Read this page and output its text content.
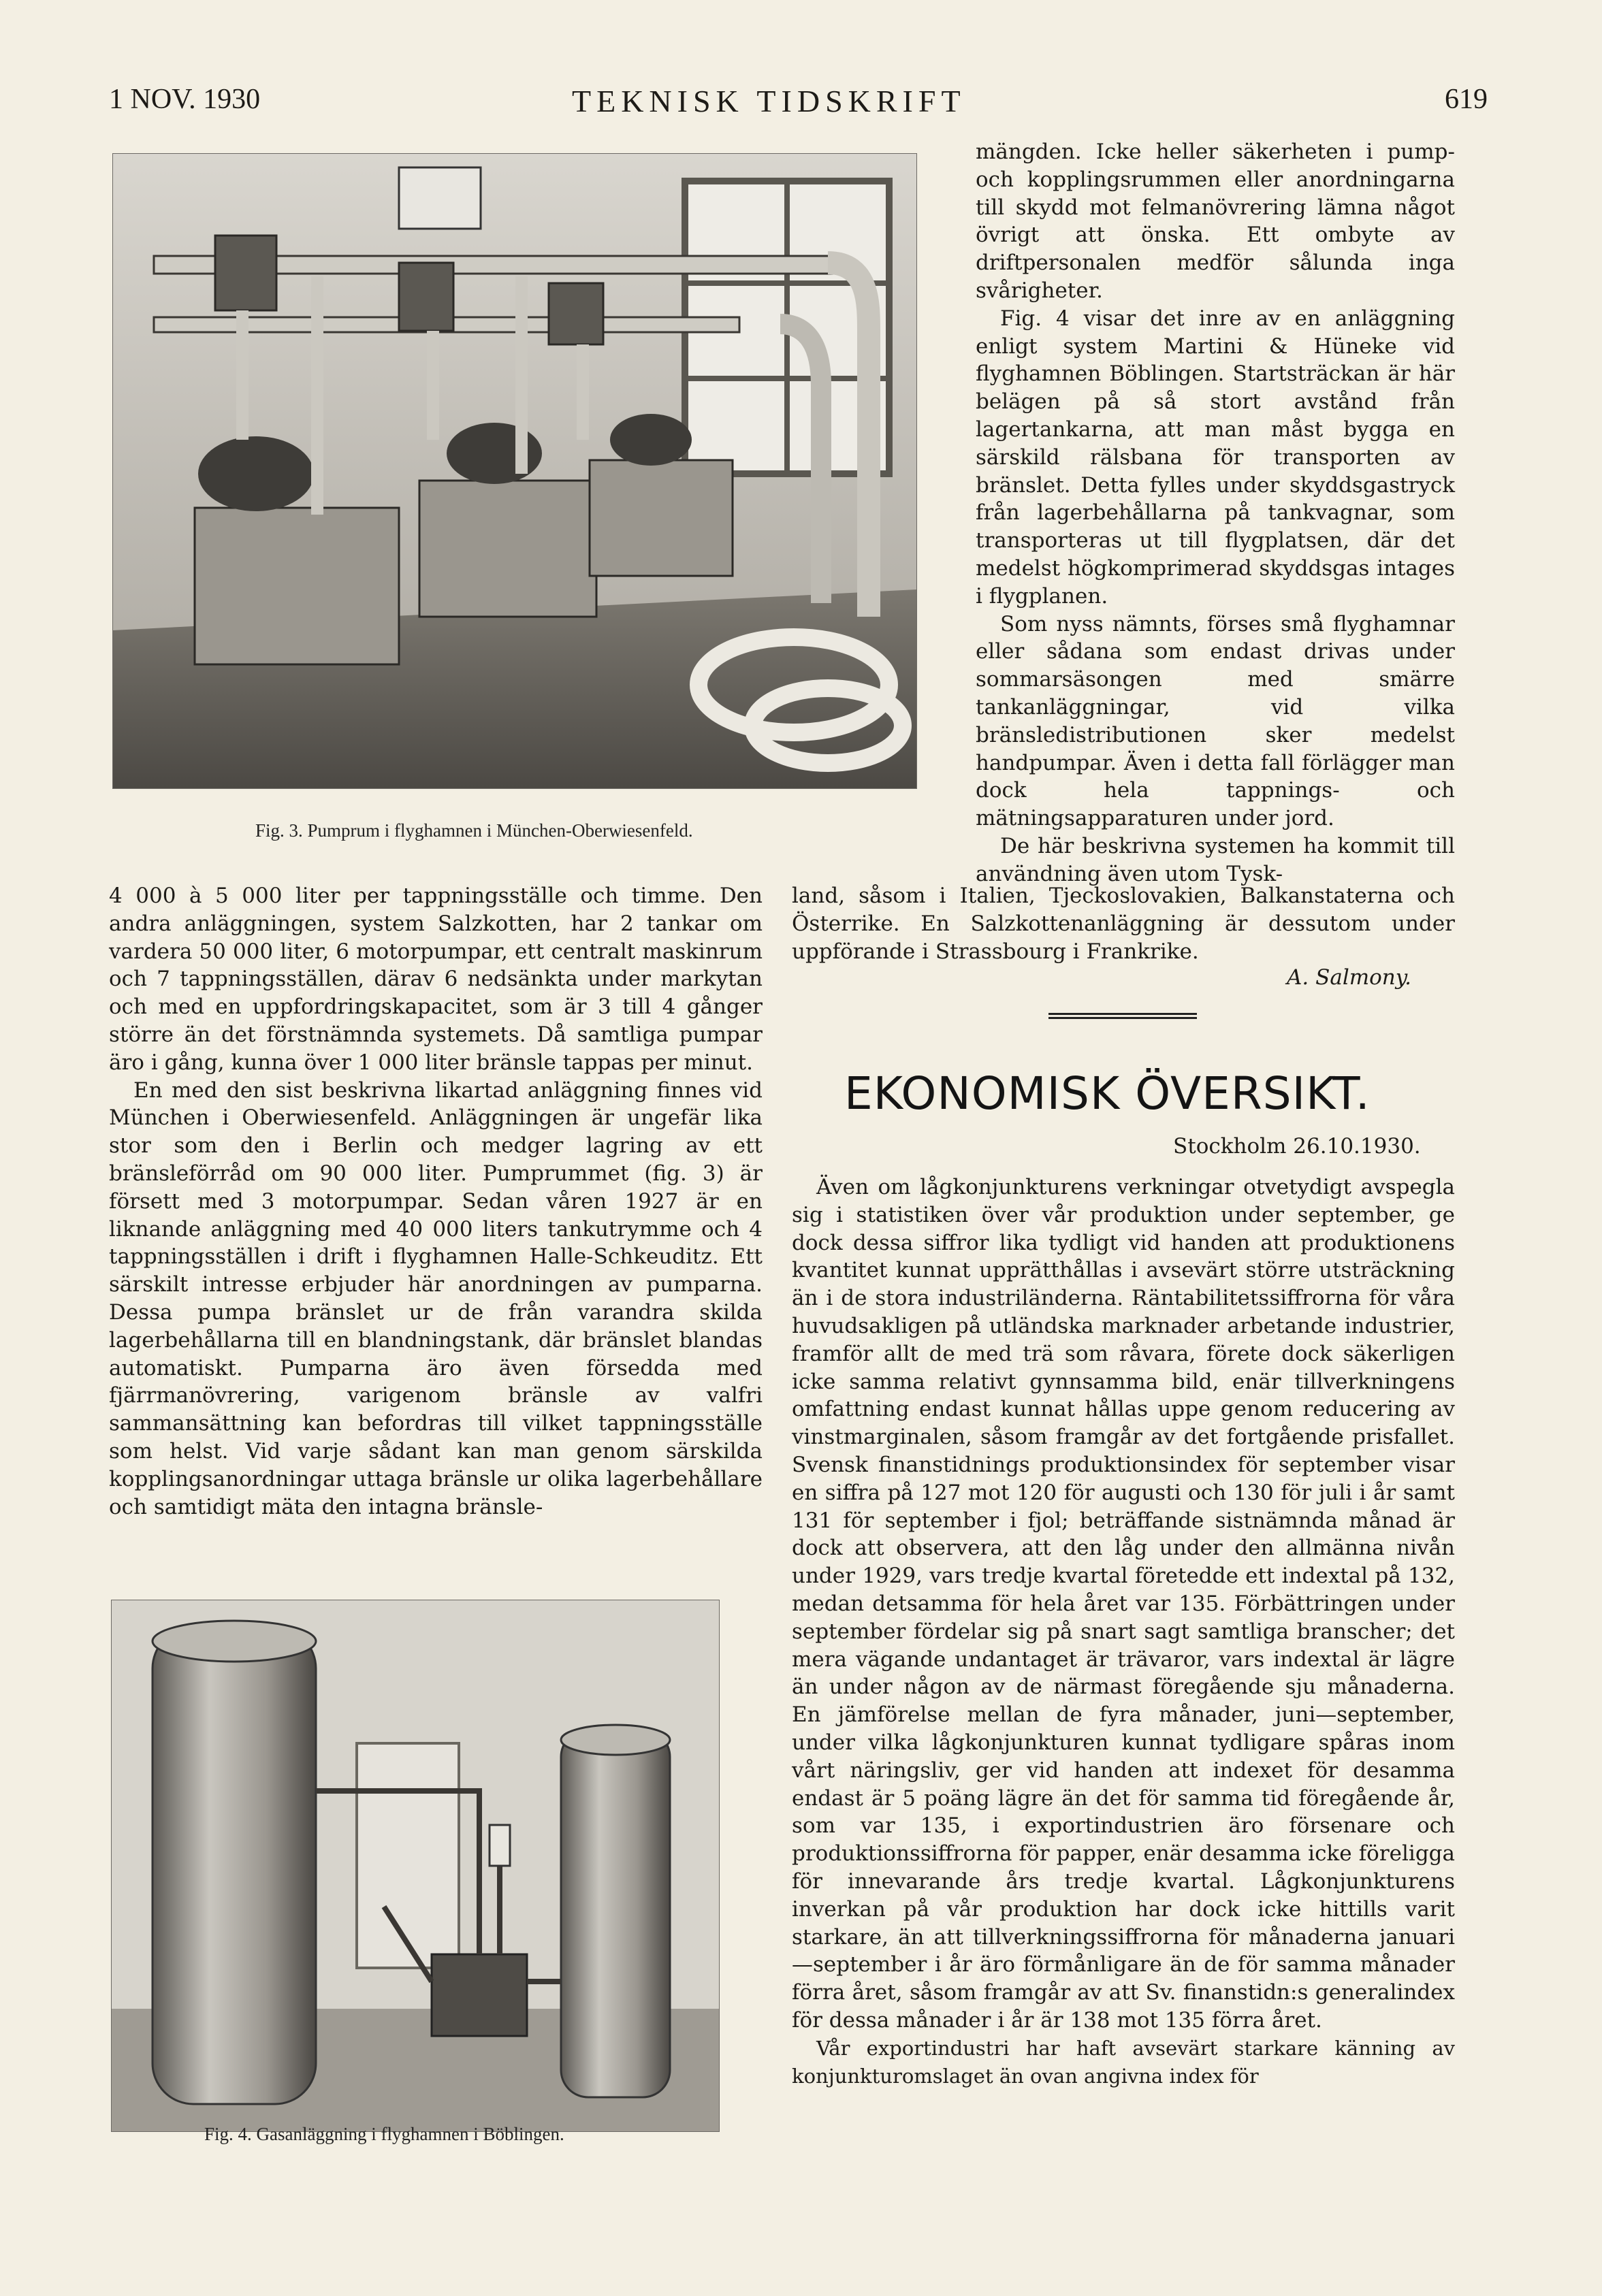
1 NOV. 1930	TEKNISK TIDSKRIFT	619
Fig. 3. Pumprum i flyghamnen i München-Oberwiesenfeld.

4 000 à 5 000 liter per tappningsställe och timme. Den andra anläggningen, system Salzkotten, har 2 tankar om vardera 50 000 liter, 6 motorpumpar, ett centralt maskinrum och 7 tappningsställen, därav 6 nedsänkta under markytan och med en uppfordringskapacitet, som är 3 till 4 gånger större än det förstnämnda systemets. Då samtliga pumpar äro i gång, kunna över 1 000 liter bränsle tappas per minut.

En med den sist beskrivna likartad anläggning finnes vid München i Oberwiesenfeld. Anläggningen är ungefär lika stor som den i Berlin och medger lagring av ett bränsleförråd om 90 000 liter. Pumprummet (fig. 3) är försett med 3 motorpumpar. Sedan våren 1927 är en liknande anläggning med 40 000 liters tankutrymme och 4 tappningsställen i drift i flyghamnen Halle-Schkeuditz. Ett särskilt intresse erbjuder här anordningen av pumparna. Dessa pumpa bränslet ur de från varandra skilda lagerbehållarna till en blandningstank, där bränslet blandas automatiskt. Pumparna äro även försedda med fjärrmanövrering, varigenom bränsle av valfri sammansättning kan befordras till vilket tappningsställe som helst. Vid varje sådant kan man genom särskilda kopplingsanordningar uttaga bränsle ur olika lagerbehållare och samtidigt mäta den intagna bränsle-

Fig. 4. Gasanläggning i flyghamnen i Böblingen.

mängden. Icke heller säkerheten i pump- och kopplingsrummen eller anordningarna till skydd mot felmanövrering lämna något övrigt att önska. Ett ombyte av driftpersonalen medför sålunda inga svårigheter.

Fig. 4 visar det inre av en anläggning enligt system Martini & Hüneke vid flyghamnen Böblingen. Startsträckan är här belägen på så stort avstånd från lagertankarna, att man måst bygga en särskild rälsbana för transporten av bränslet. Detta fylles under skyddsgastryck från lagerbehållarna på tankvagnar, som transporteras ut till flygplatsen, där det medelst högkomprimerad skyddsgas intages i flygplanen.

Som nyss nämnts, förses små flyghamnar eller sådana som endast drivas under sommarsäsongen med smärre tankanläggningar, vid vilka bränsledistributionen sker medelst handpumpar. Även i detta fall förlägger man dock hela tappnings- och mätningsapparaturen under jord.

De här beskrivna systemen ha kommit till användning även utom Tysk-

land, såsom i Italien, Tjeckoslovakien, Balkanstaterna och Österrike. En Salzkottenanläggning är dessutom under uppförande i Strassbourg i Frankrike.

A. Salmony.
EKONOMISK ÖVERSIKT.
Stockholm 26.10.1930.

Även om lågkonjunkturens verkningar otvetydigt avspegla sig i statistiken över vår produktion under september, ge dock dessa siffror lika tydligt vid handen att produktionens kvantitet kunnat upprätthållas i avsevärt större utsträckning än i de stora industriländerna. Räntabilitetssiffrorna för våra huvudsakligen på utländska marknader arbetande industrier, framför allt de med trä som råvara, förete dock säkerligen icke samma relativt gynnsamma bild, enär tillverkningens omfattning endast kunnat hållas uppe genom reducering av vinstmarginalen, såsom framgår av det fortgående prisfallet. Svensk finanstidnings produktionsindex för september visar en siffra på 127 mot 120 för augusti och 130 för juli i år samt 131 för september i fjol; beträffande sistnämnda månad är dock att observera, att den låg under den allmänna nivån under 1929, vars tredje kvartal företedde ett indextal på 132, medan detsamma för hela året var 135. Förbättringen under september fördelar sig på snart sagt samtliga branscher; det mera vägande undantaget är trävaror, vars indextal är lägre än under någon av de närmast föregående sju månaderna. En jämförelse mellan de fyra månader, juni—september, under vilka lågkonjunkturen kunnat tydligare spåras inom vårt näringsliv, ger vid handen att indexet för desamma endast är 5 poäng lägre än det för samma tid föregående år, som var 135, i exportindustrien äro försenare och produktionssiffrorna för papper, enär desamma icke föreligga för innevarande års tredje kvartal. Lågkonjunkturens inverkan på vår produktion har dock icke hittills varit starkare, än att tillverkningssiffrorna för månaderna januari—september i år äro förmånligare än de för samma månader förra året, såsom framgår av att Sv. finanstidn:s generalindex för dessa månader i år är 138 mot 135 förra året.

Vår exportindustri har haft avsevärt starkare känning av konjunkturomslaget än ovan angivna index för
